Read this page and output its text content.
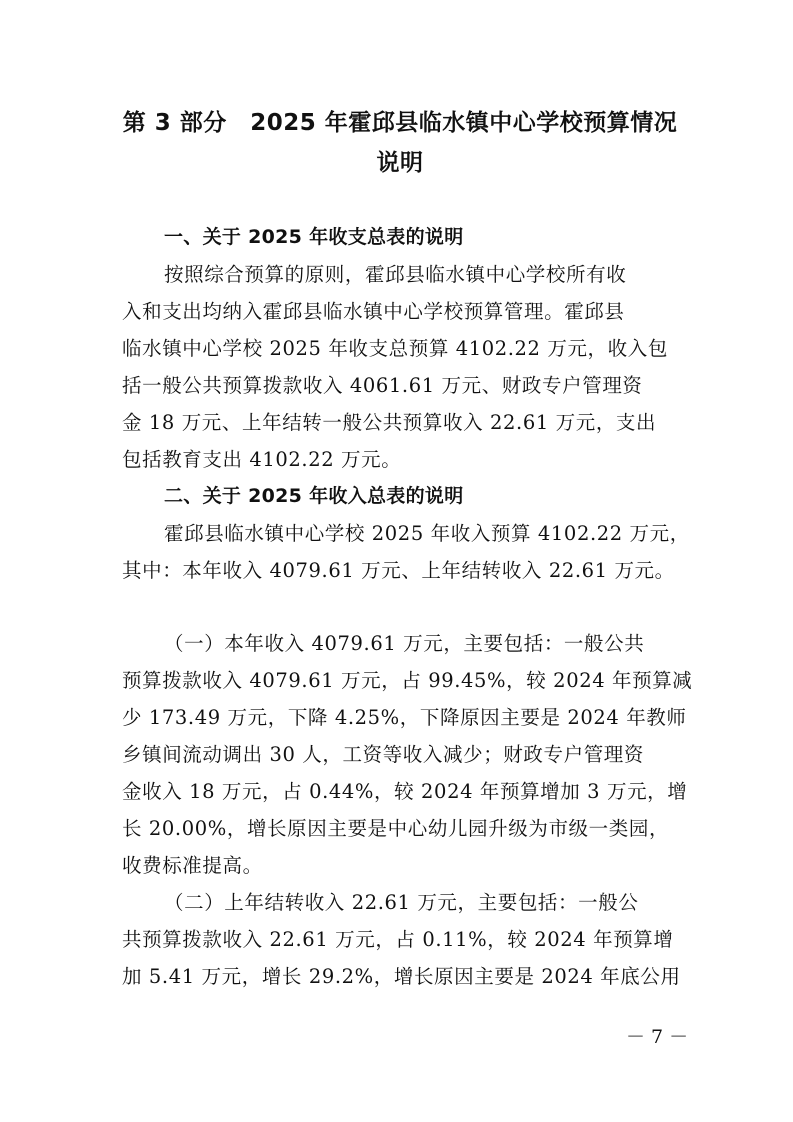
第 3 部分　2025 年霍邱县临水镇中心学校预算情况
说明
一、关于 2025 年收支总表的说明
按照综合预算的原则，霍邱县临水镇中心学校所有收
入和支出均纳入霍邱县临水镇中心学校预算管理。霍邱县
临水镇中心学校 2025 年收支总预算 4102.22 万元，收入包
括一般公共预算拨款收入 4061.61 万元、财政专户管理资
金 18 万元、上年结转一般公共预算收入 22.61 万元，支出
包括教育支出 4102.22 万元。
二、关于 2025 年收入总表的说明
霍邱县临水镇中心学校 2025 年收入预算 4102.22 万元，
其中：本年收入 4079.61 万元、上年结转收入 22.61 万元。
（一）本年收入 4079.61 万元，主要包括：一般公共
预算拨款收入 4079.61 万元，占 99.45%，较 2024 年预算减
少 173.49 万元，下降 4.25%，下降原因主要是 2024 年教师
乡镇间流动调出 30 人，工资等收入减少；财政专户管理资
金收入 18 万元，占 0.44%，较 2024 年预算增加 3 万元，增
长 20.00%，增长原因主要是中心幼儿园升级为市级一类园，
收费标准提高。
（二）上年结转收入 22.61 万元，主要包括：一般公
共预算拨款收入 22.61 万元，占 0.11%，较 2024 年预算增
加 5.41 万元，增长 29.2%，增长原因主要是 2024 年底公用
－ 7 －
